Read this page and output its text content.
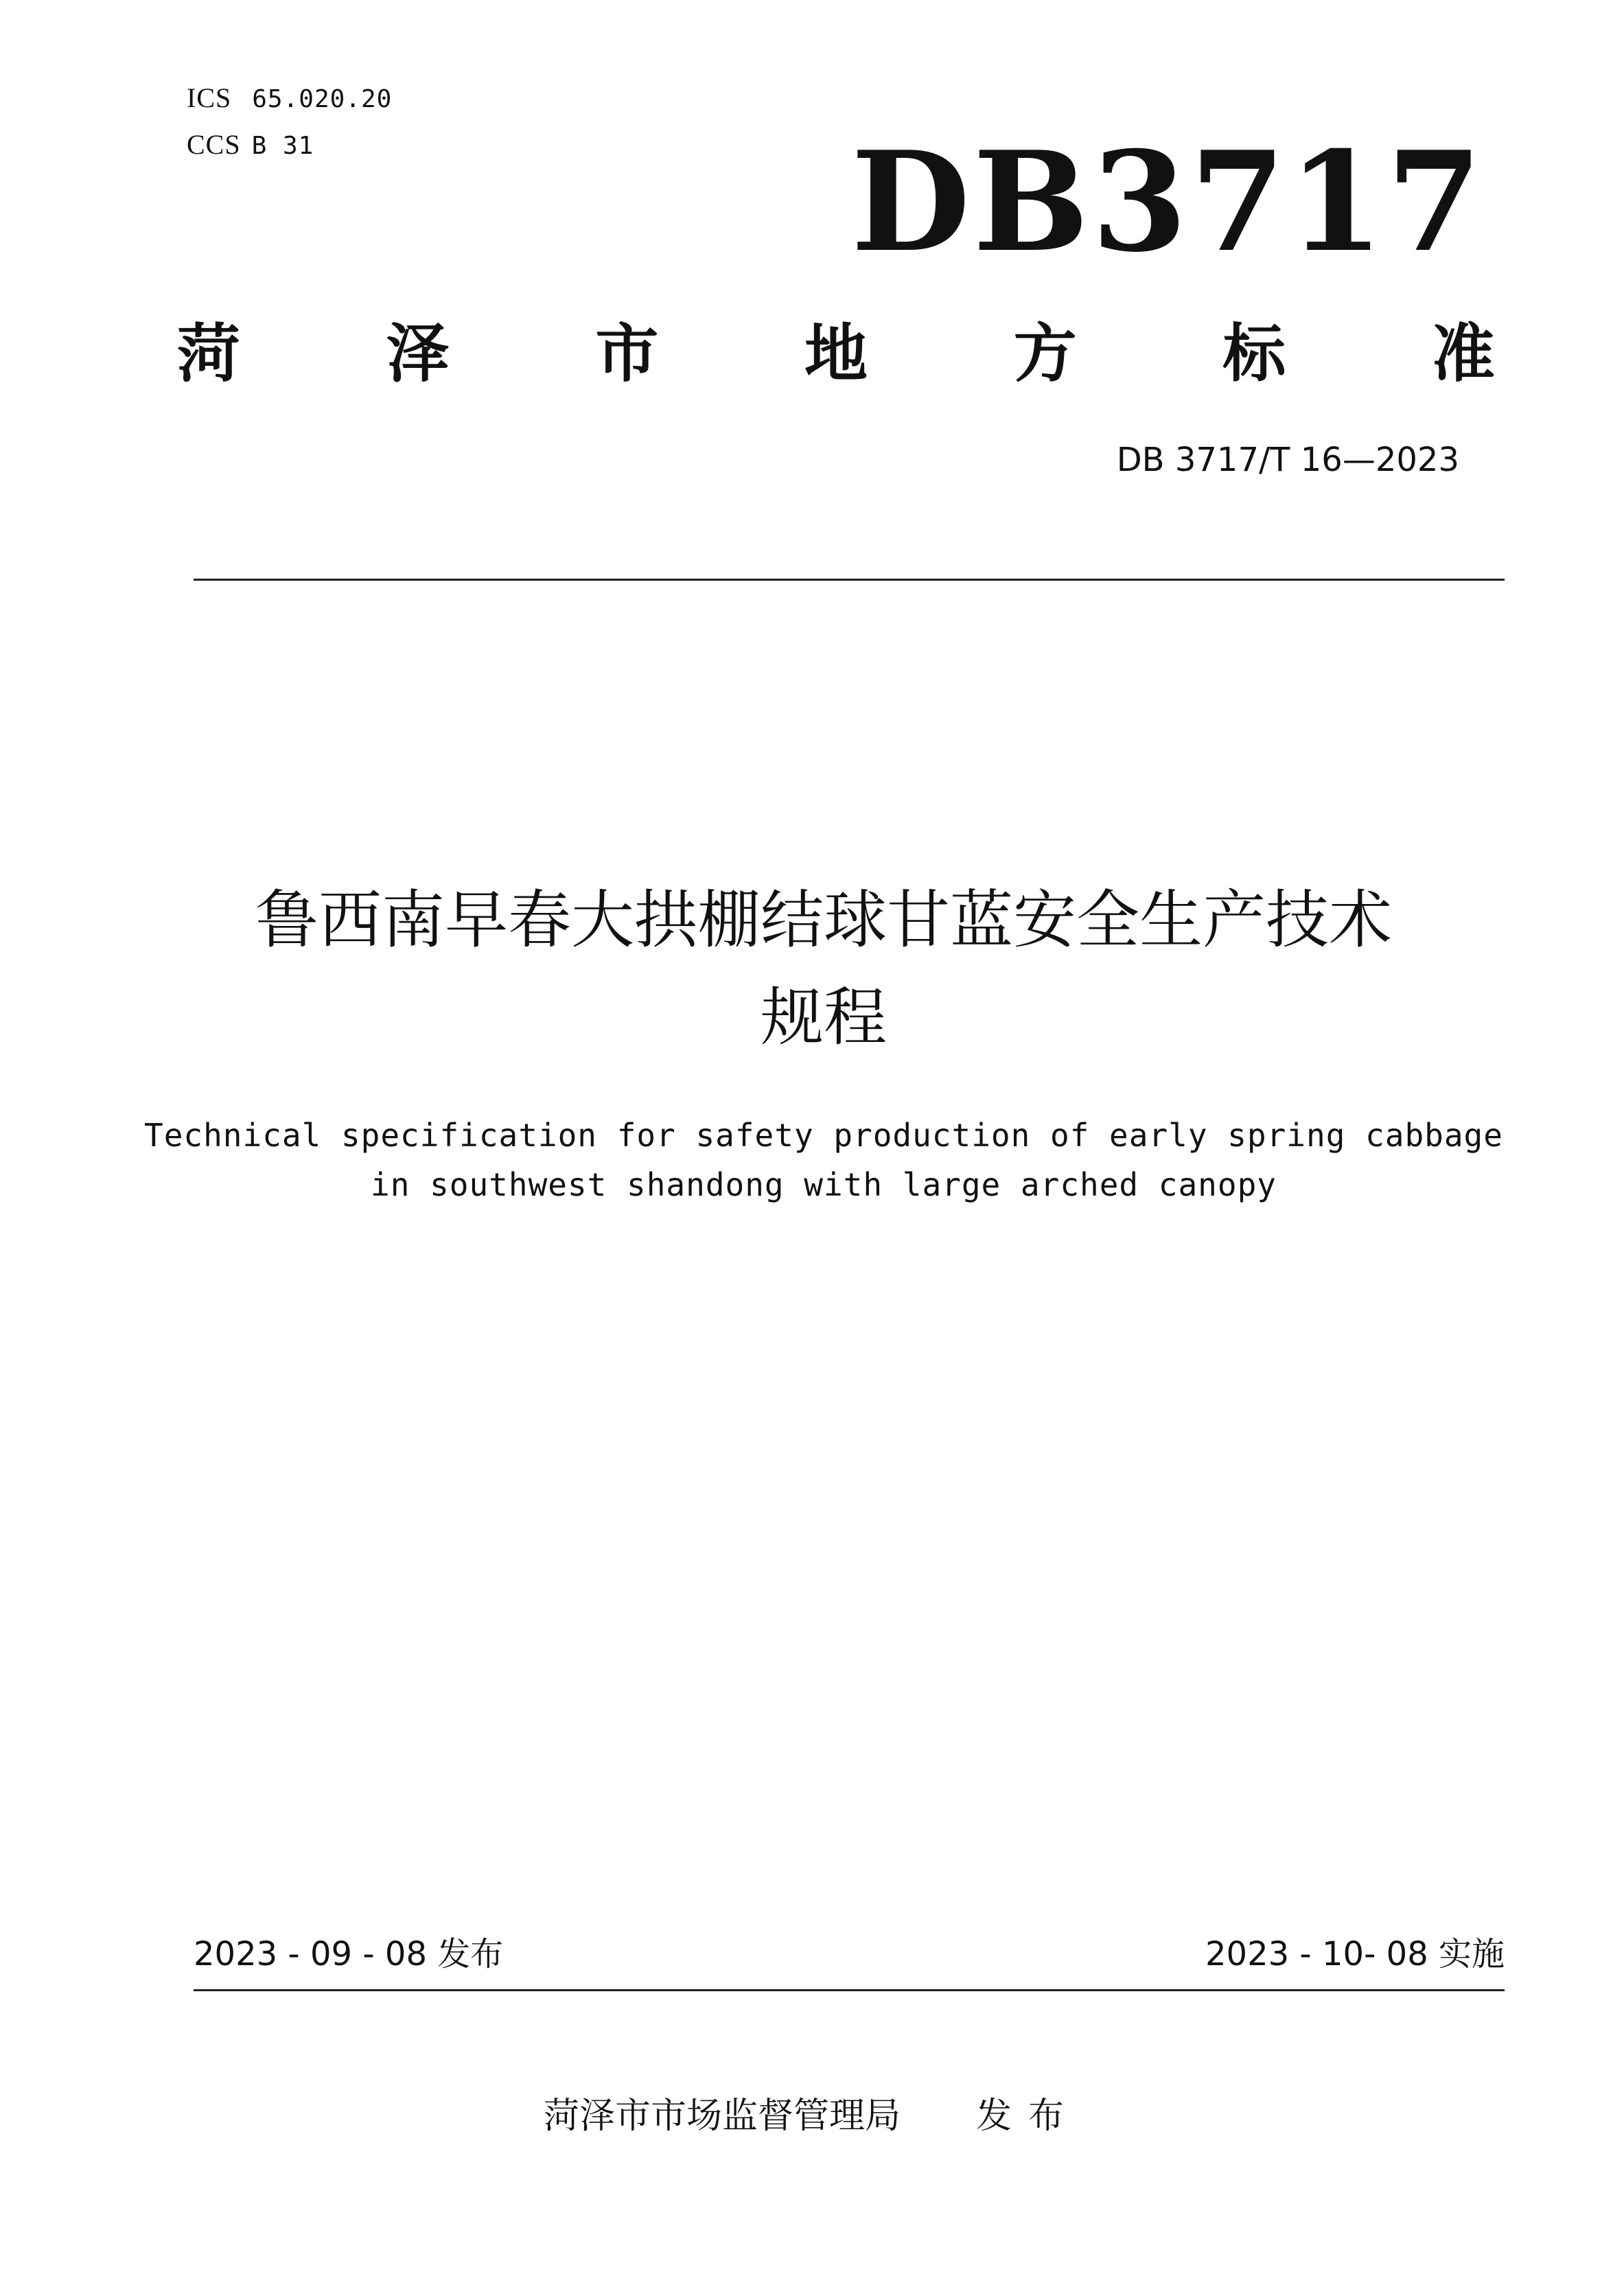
ICS 65.020.20
CCS B 31	DB3717
菏 泽 市 地 方 标 准
DB 3717/T 16—2023
鲁西南早春大拱棚结球甘蓝安全生产技术
规程
Technical specification for safety production of early spring cabbage
in southwest shandong with large arched canopy
2023 - 09 - 08 发布	2023 - 10- 08 实施
菏泽市市场监督管理局 发布
